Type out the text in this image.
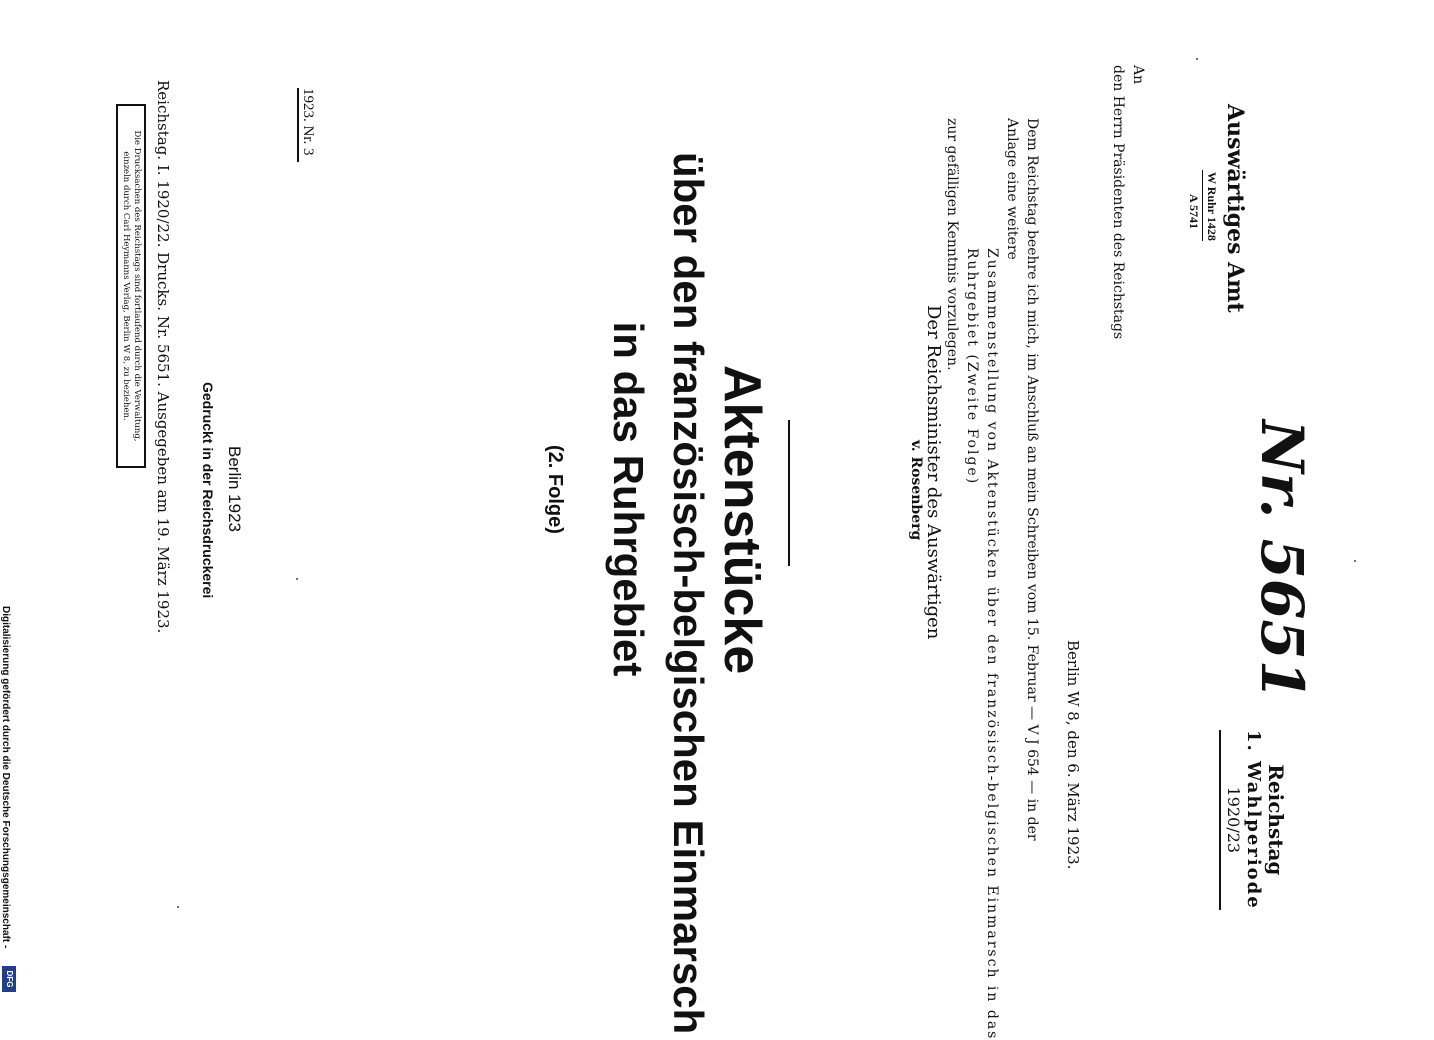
Nr. 5651
Reichstag
1. Wahlperiode
1920/23
Auswärtiges Amt
W Ruhr 1428
A 5741
An
den Herrn Präsidenten des Reichstags
Berlin W 8, den 6. März 1923.
Dem Reichstag beehre ich mich, im Anschluß an mein Schreiben vom 15. Februar — V J 654 — in der
Anlage eine weitere
Zusammenstellung von Aktenstücken über den französisch-belgischen Einmarsch in das
Ruhrgebiet (Zweite Folge)
zur gefälligen Kenntnis vorzulegen.
Der Reichsminister des Auswärtigen
v. Rosenberg
Aktenstücke
über den französisch-belgischen Einmarsch
in das Ruhrgebiet
(2. Folge)
1923. Nr. 3
Berlin 1923
Gedruckt in der Reichsdruckerei
Reichstag. I. 1920/22. Drucks. Nr. 5651. Ausgegeben am 19. März 1923.
Die Drucksachen des Reichstags sind fortlaufend durch die Verwaltung,
einzeln durch Carl Heymanns Verlag, Berlin W 8, zu beziehen.
Digitalisierung gefördert durch die Deutsche Forschungsgemeinschaft -
DFG
